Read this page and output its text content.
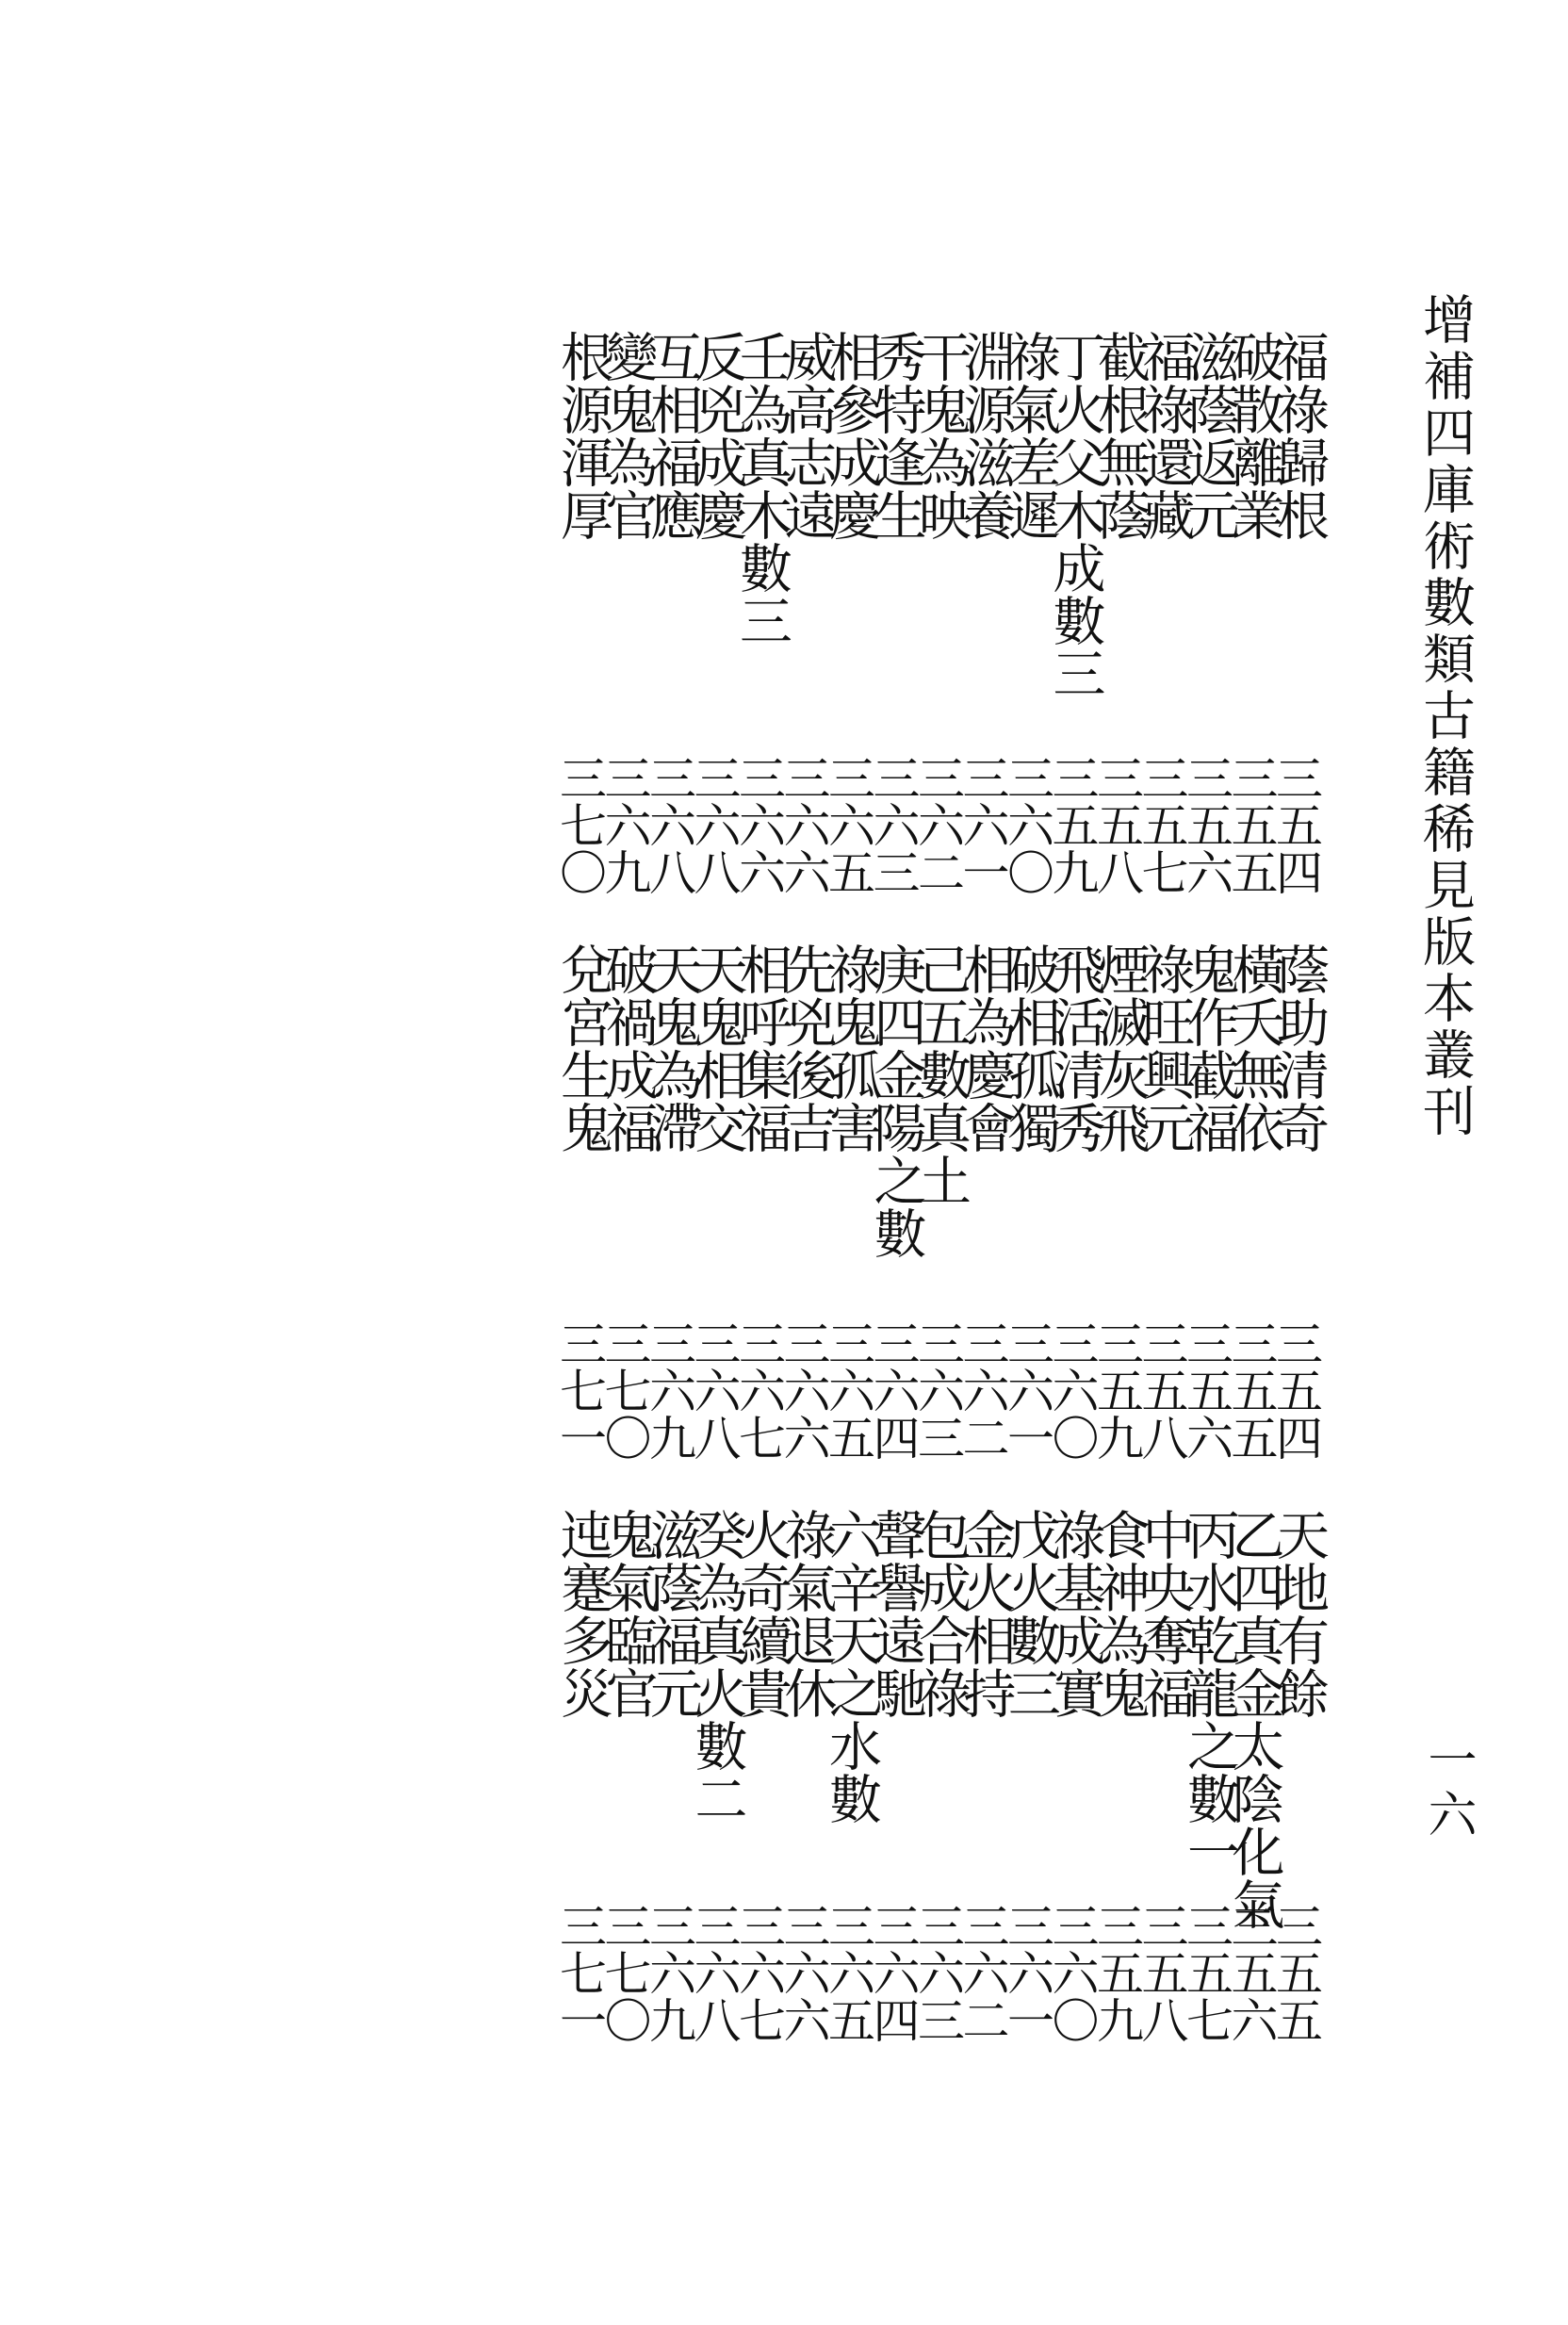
增補四庫術數類古籍稀見版本叢刊
一六
福祿歸根
三五四
蔭助清奇
三五四
天地有餘
三五五
破散離業
三五五
橫夭無依
三五五
乙四真金太陰化氣
三五六
滋蔭返元
三五六
鬼作截福
三五六
丙水乾龍之數一
三五七
福祿還藏
三五七
祿旺興元
三五八
中央奪福
三五八
截根無蔭
三五八
煙滅灰飛
三五九
食神為鬼
三五九
丁火父木成數三
三五九
飛活清秀
三六〇
祿基成實
三六〇
祿氣差遲
三六〇
破相孤獨
三六一
戊火數三
三六一
淵源滋養
三六一
相為慶會
三六二
金火相持
三六二
干鬼為映
三六二
己五數真土
三六三
包成合祿
三六三
秀特逢生
三六三
庚四金陽之數
三六四
聲譽遠馳
三六四
相參成慶
三六五
祿鬼孤害
三六五
六辛天之水數
三六五
威高志遠
三六六
先兇後吉
三六六
祿氣退休
三六六
壬為真木數三
三六六
相呼集福
三六七
火奇續貴
三六七
反兇成慶
三六八
天鬼相交
三六八
癸為真火數二
三六八
互相福應
三六八
天鬼為滯
三六九
滋蔭福元
三六九
變鬼為官
三六九
破禍成福
三七〇
鬼氣臨官
三七〇
根源渾厚
三七〇
兌宮生鬼
三七一
迍蹇多災
三七一
